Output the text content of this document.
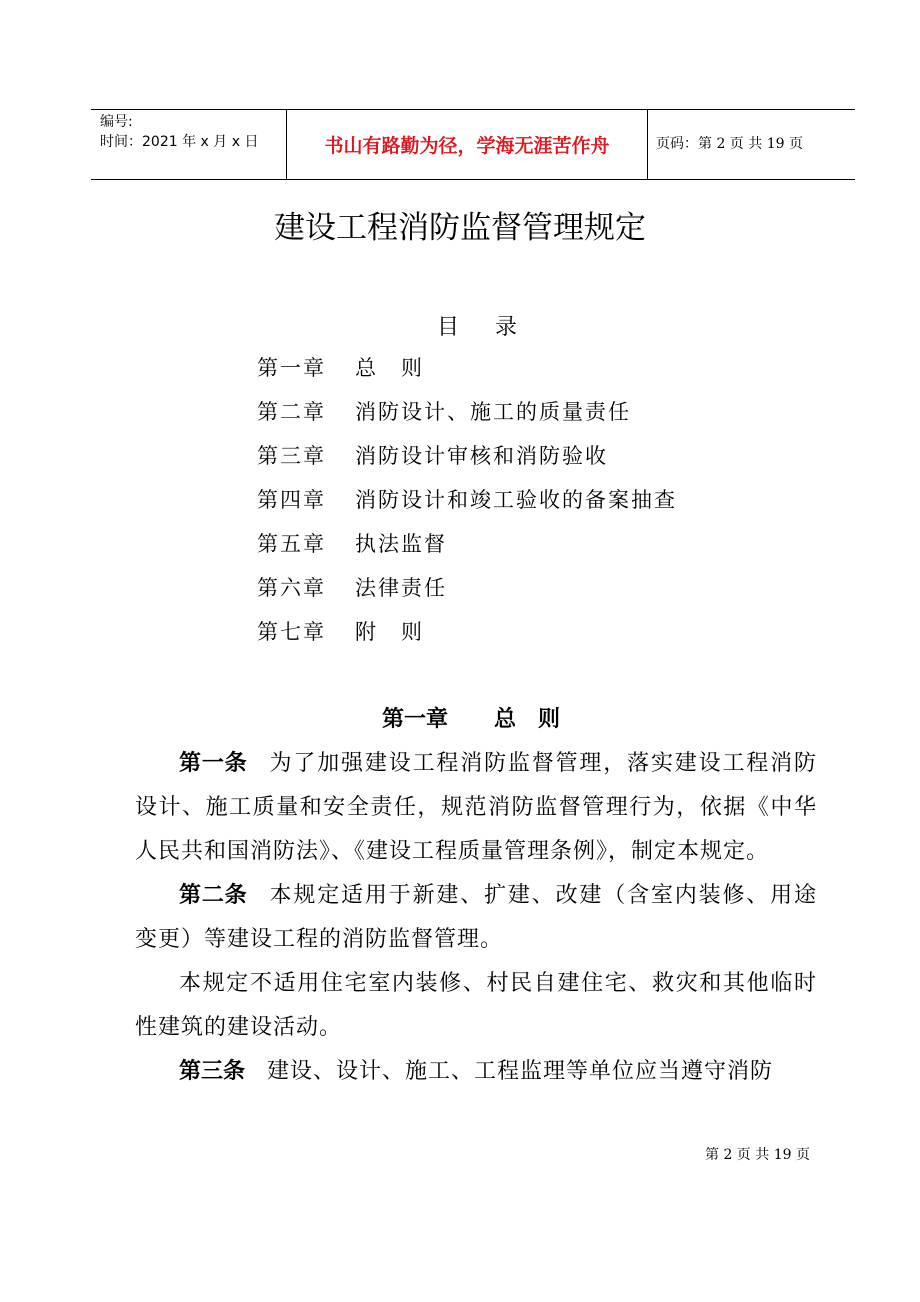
编号:
时间：2021 年 x 月 x 日	书山有路勤为径，学海无涯苦作舟	页码：第 2 页 共 19 页
建设工程消防监督管理规定
目 录
第一章 总　则
第二章 消防设计、施工的质量责任
第三章 消防设计审核和消防验收
第四章 消防设计和竣工验收的备案抽查
第五章 执法监督
第六章 法律责任
第七章 附　则
第一章 总　则

第一条 为了加强建设工程消防监督管理，落实建设工程消防设计、施工质量和安全责任，规范消防监督管理行为，依据《中华人民共和国消防法》、《建设工程质量管理条例》，制定本规定。

第二条 本规定适用于新建、扩建、改建（含室内装修、用途变更）等建设工程的消防监督管理。

本规定不适用住宅室内装修、村民自建住宅、救灾和其他临时性建筑的建设活动。

第三条 建设、设计、施工、工程监理等单位应当遵守消防

第 2 页 共 19 页
